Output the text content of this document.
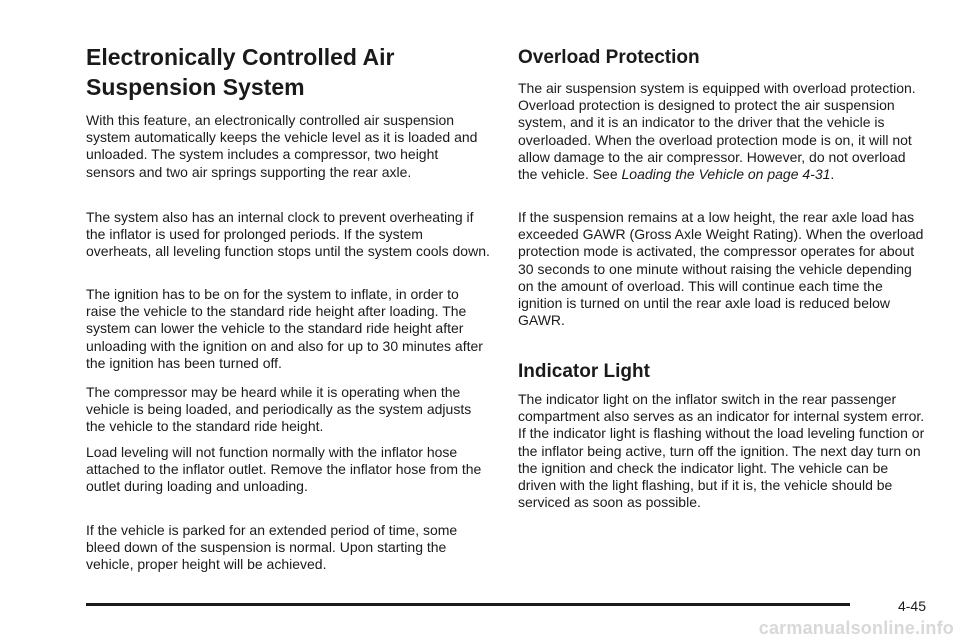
Electronically Controlled Air Suspension System

With this feature, an electronically controlled air suspension system automatically keeps the vehicle level as it is loaded and unloaded. The system includes a compressor, two height sensors and two air springs supporting the rear axle.

The system also has an internal clock to prevent overheating if the inflator is used for prolonged periods. If the system overheats, all leveling function stops until the system cools down.

The ignition has to be on for the system to inflate, in order to raise the vehicle to the standard ride height after loading. The system can lower the vehicle to the standard ride height after unloading with the ignition on and also for up to 30 minutes after the ignition has been turned off.

The compressor may be heard while it is operating when the vehicle is being loaded, and periodically as the system adjusts the vehicle to the standard ride height.

Load leveling will not function normally with the inflator hose attached to the inflator outlet. Remove the inflator hose from the outlet during loading and unloading.

If the vehicle is parked for an extended period of time, some bleed down of the suspension is normal. Upon starting the vehicle, proper height will be achieved.

Overload Protection

The air suspension system is equipped with overload protection. Overload protection is designed to protect the air suspension system, and it is an indicator to the driver that the vehicle is overloaded. When the overload protection mode is on, it will not allow damage to the air compressor. However, do not overload the vehicle. See Loading the Vehicle on page 4-31.

If the suspension remains at a low height, the rear axle load has exceeded GAWR (Gross Axle Weight Rating). When the overload protection mode is activated, the compressor operates for about 30 seconds to one minute without raising the vehicle depending on the amount of overload. This will continue each time the ignition is turned on until the rear axle load is reduced below GAWR.

Indicator Light

The indicator light on the inflator switch in the rear passenger compartment also serves as an indicator for internal system error. If the indicator light is flashing without the load leveling function or the inflator being active, turn off the ignition. The next day turn on the ignition and check the indicator light. The vehicle can be driven with the light flashing, but if it is, the vehicle should be serviced as soon as possible.

4-45
carmanualsonline.info
